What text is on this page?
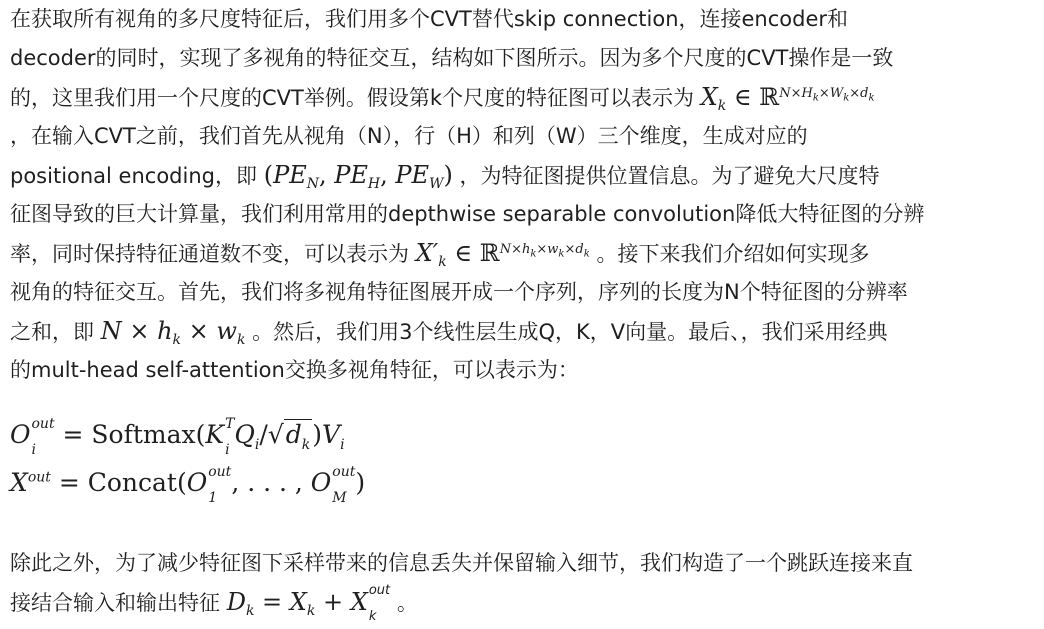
在获取所有视角的多尺度特征后，我们用多个CVT替代skip connection，连接encoder和
decoder的同时，实现了多视角的特征交互，结构如下图所示。因为多个尺度的CVT操作是一致
的，这里我们用一个尺度的CVT举例。假设第k个尺度的特征图可以表示为 $X_k$ ∈ ℝ$^{N\times H_k\times W_k\times d_k}$
，在输入CVT之前，我们首先从视角（N），行（H）和列（W）三个维度，生成对应的
positional encoding，即 ($PE_N$, $PE_H$, $PE_W$) ，为特征图提供位置信息。为了避免大尺度特
征图导致的巨大计算量，我们利用常用的depthwise separable convolution降低大特征图的分辨
率，同时保持特征通道数不变，可以表示为 $X'_k$ ∈ ℝ$^{N\times h_k\times w_k\times d_k}$ 。接下来我们介绍如何实现多
视角的特征交互。首先，我们将多视角特征图展开成一个序列，序列的长度为N个特征图的分辨率
之和，即 $N \times h_k \times w_k$ 。然后，我们用3个线性层生成Q，K，V向量。最后、，我们采用经典
的mult-head self-attention交换多视角特征，可以表示为：
O out
i
= Softmax(K T
i
$Q_i/√d_k)V_i$
$X^{out}$ = Concat(O out
1
, . . . , O out
M
)
除此之外，为了减少特征图下采样带来的信息丢失并保留输入细节，我们构造了一个跳跃连接来直
接结合输入和输出特征 $D_k = X_k + X$ out
k
。
